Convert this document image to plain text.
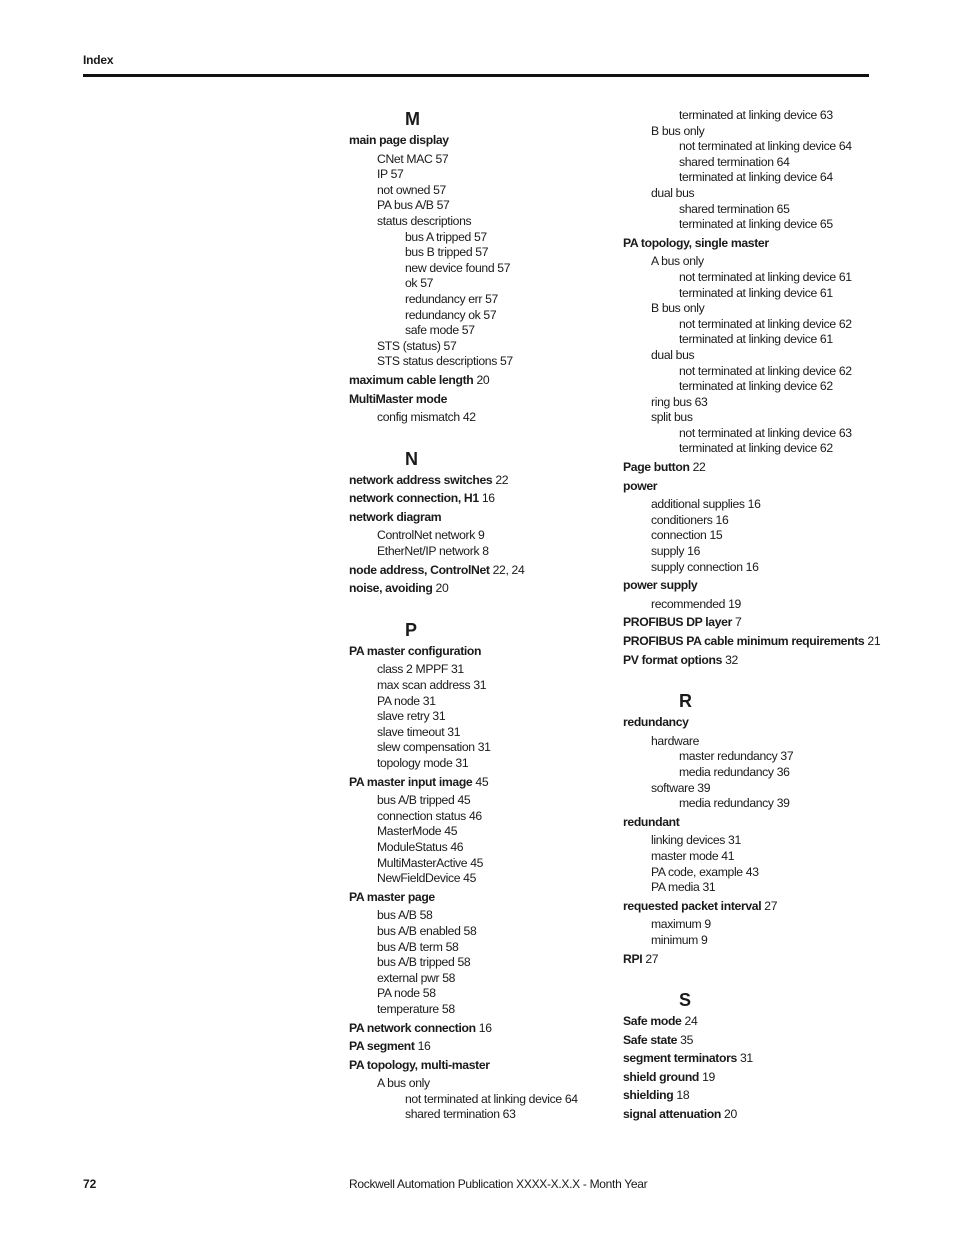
Index
M
main page display
CNet MAC 57
IP 57
not owned 57
PA bus A/B 57
status descriptions
bus A tripped 57
bus B tripped 57
new device found 57
ok 57
redundancy err 57
redundancy ok 57
safe mode 57
STS (status) 57
STS status descriptions 57
maximum cable length 20
MultiMaster mode
config mismatch 42
N
network address switches 22
network connection, H1 16
network diagram
ControlNet network 9
EtherNet/IP network 8
node address, ControlNet 22, 24
noise, avoiding 20
P
PA master configuration
class 2 MPPF 31
max scan address 31
PA node 31
slave retry 31
slave timeout 31
slew compensation 31
topology mode 31
PA master input image 45
bus A/B tripped 45
connection status 46
MasterMode 45
ModuleStatus 46
MultiMasterActive 45
NewFieldDevice 45
PA master page
bus A/B 58
bus A/B enabled 58
bus A/B term 58
bus A/B tripped 58
external pwr 58
PA node 58
temperature 58
PA network connection 16
PA segment 16
PA topology, multi-master
A bus only
not terminated at linking device 64
shared termination 63
terminated at linking device 63
B bus only
not terminated at linking device 64
shared termination 64
terminated at linking device 64
dual bus
shared termination 65
terminated at linking device 65
PA topology, single master
A bus only
not terminated at linking device 61
terminated at linking device 61
B bus only
not terminated at linking device 62
terminated at linking device 61
dual bus
not terminated at linking device 62
terminated at linking device 62
ring bus 63
split bus
not terminated at linking device 63
terminated at linking device 62
Page button 22
power
additional supplies 16
conditioners 16
connection 15
supply 16
supply connection 16
power supply
recommended 19
PROFIBUS DP layer 7
PROFIBUS PA cable minimum requirements 21
PV format options 32
R
redundancy
hardware
master redundancy 37
media redundancy 36
software 39
media redundancy 39
redundant
linking devices 31
master mode 41
PA code, example 43
PA media 31
requested packet interval 27
maximum 9
minimum 9
RPI 27
S
Safe mode 24
Safe state 35
segment terminators 31
shield ground 19
shielding 18
signal attenuation 20
72	Rockwell Automation Publication XXXX-X.X.X - Month Year
